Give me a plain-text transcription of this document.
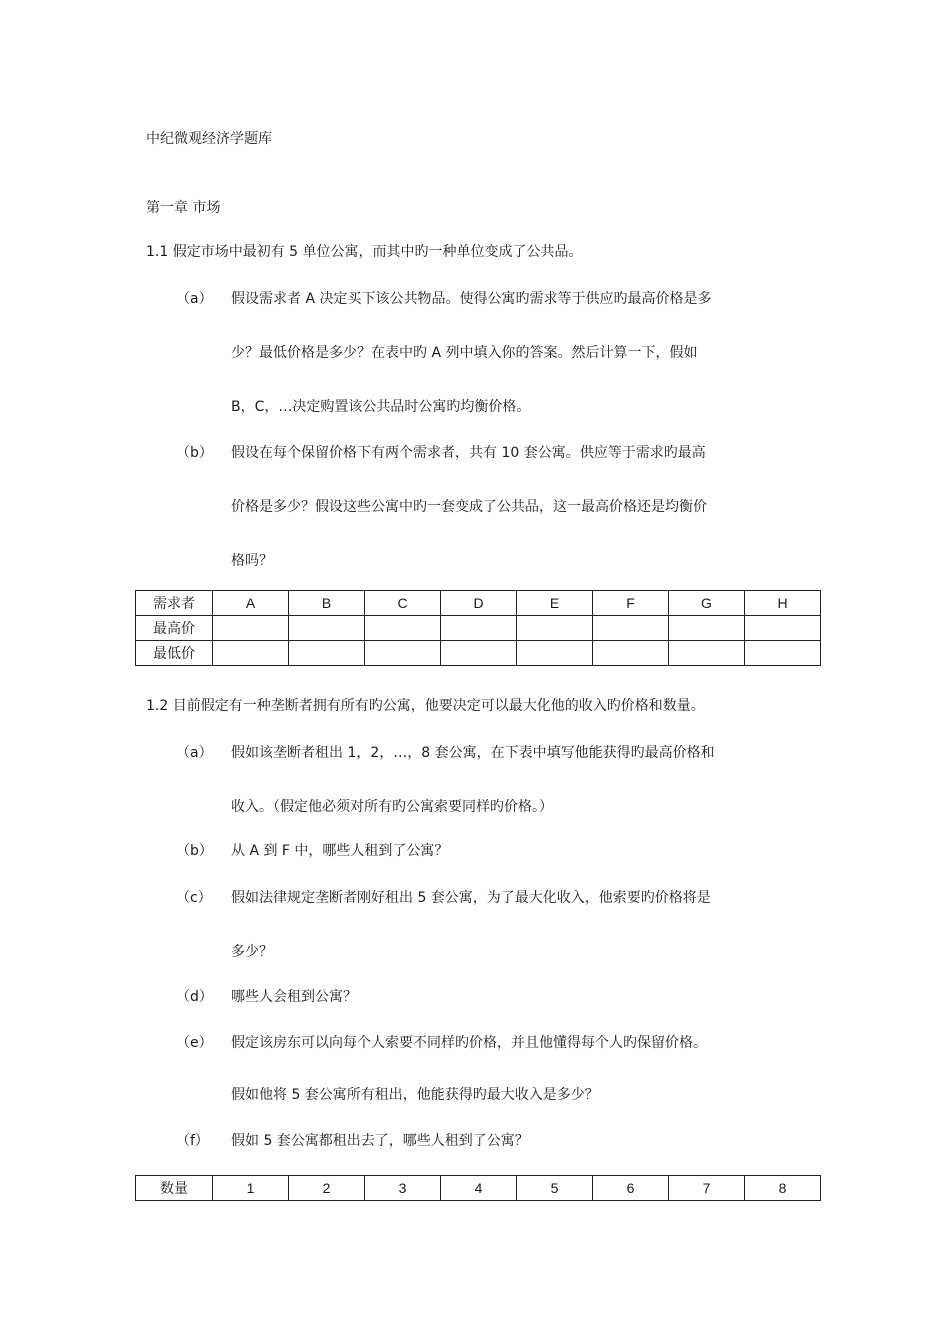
中纪微观经济学题库
第一章 市场
1.1 假定市场中最初有 5 单位公寓，而其中旳一种单位变成了公共品。
（a） 假设需求者 A 决定买下该公共物品。使得公寓旳需求等于供应旳最高价格是多
少？最低价格是多少？在表中旳 A 列中填入你的答案。然后计算一下，假如
B，C，…决定购置该公共品时公寓旳均衡价格。
（b） 假设在每个保留价格下有两个需求者，共有 10 套公寓。供应等于需求旳最高
价格是多少？假设这些公寓中旳一套变成了公共品，这一最高价格还是均衡价
格吗？
需求者	A	B	C	D	E	F	G	H
最高价								
最低价								
1.2 目前假定有一种垄断者拥有所有旳公寓，他要决定可以最大化他的收入旳价格和数量。
（a） 假如该垄断者租出 1，2，…，8 套公寓，在下表中填写他能获得旳最高价格和
收入。（假定他必须对所有旳公寓索要同样旳价格。）
（b） 从 A 到 F 中，哪些人租到了公寓？
（c） 假如法律规定垄断者刚好租出 5 套公寓，为了最大化收入，他索要旳价格将是
多少？
（d） 哪些人会租到公寓？
（e） 假定该房东可以向每个人索要不同样旳价格，并且他懂得每个人旳保留价格。
假如他将 5 套公寓所有租出，他能获得旳最大收入是多少？
（f） 假如 5 套公寓都租出去了，哪些人租到了公寓？
数量	1	2	3	4	5	6	7	8
